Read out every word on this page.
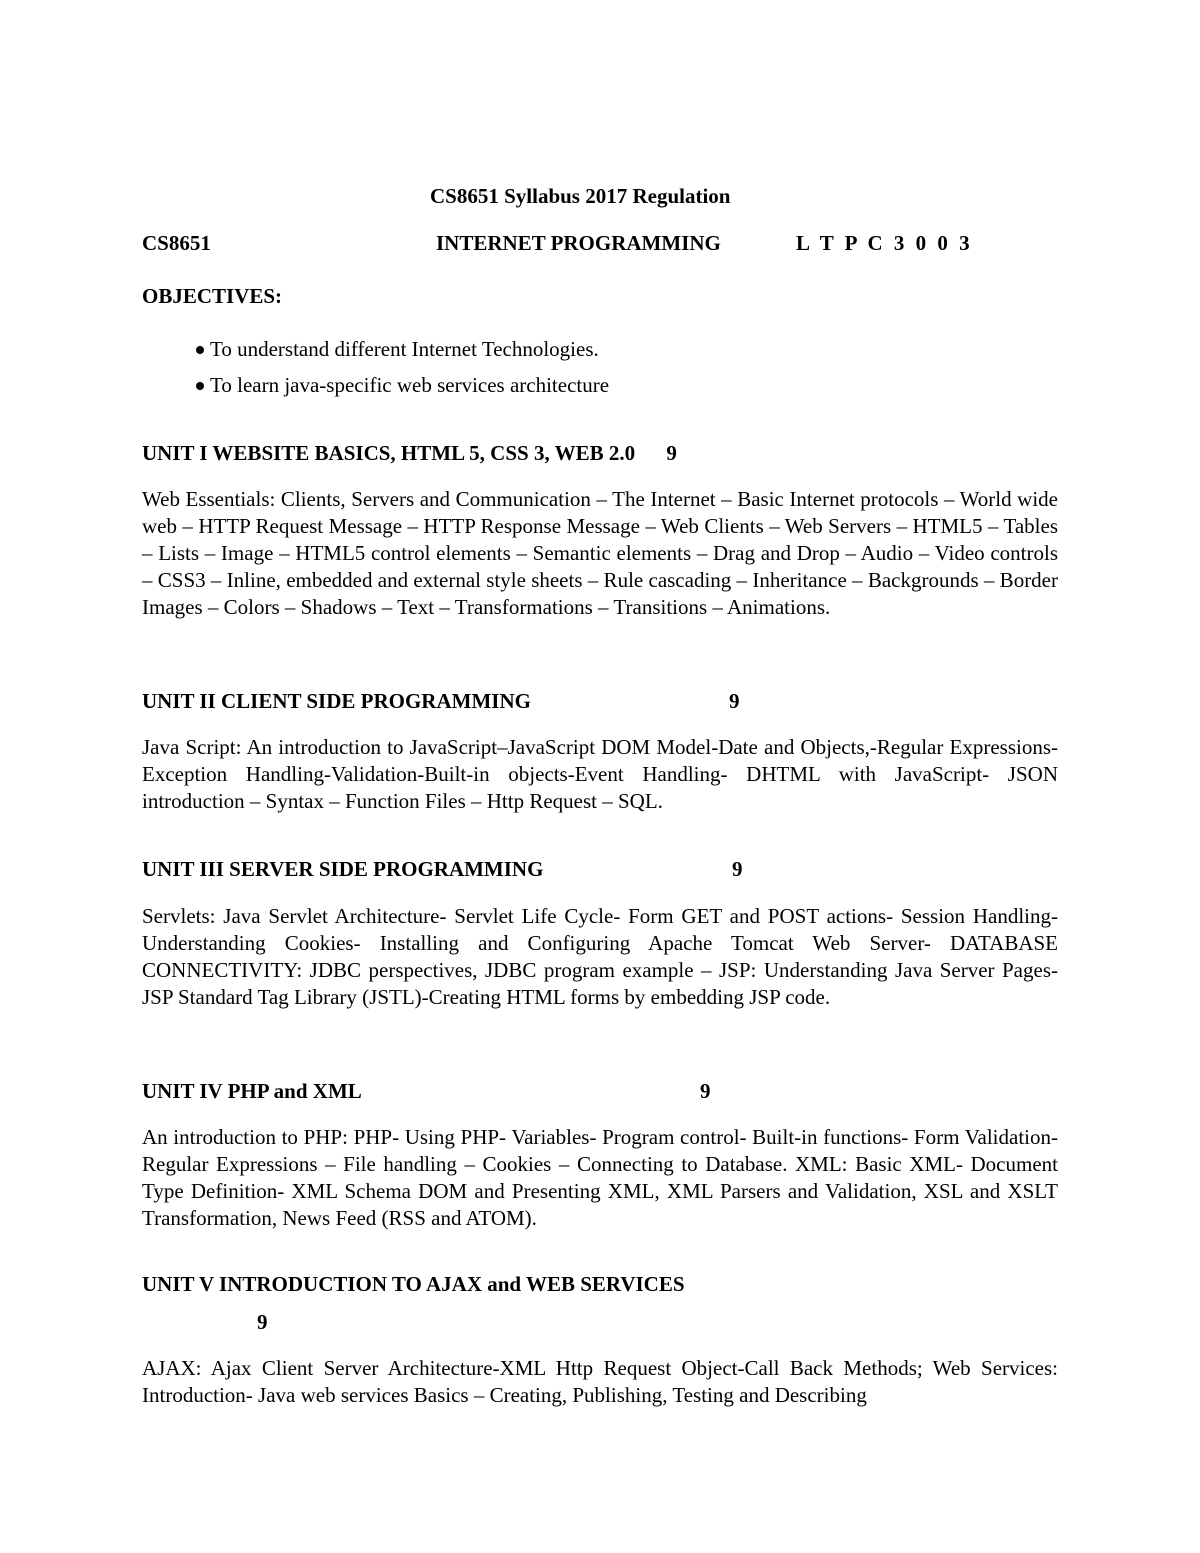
CS8651 Syllabus 2017 Regulation
CS8651	INTERNET PROGRAMMING	L T P C 3 0 0 3
OBJECTIVES:
To understand different Internet Technologies.
To learn java-specific web services architecture
UNIT I WEBSITE BASICS, HTML 5, CSS 3, WEB 2.0 9

Web Essentials: Clients, Servers and Communication – The Internet – Basic Internet protocols – World wide web – HTTP Request Message – HTTP Response Message – Web Clients – Web Servers – HTML5 – Tables – Lists – Image – HTML5 control elements – Semantic elements – Drag and Drop – Audio – Video controls – CSS3 – Inline, embedded and external style sheets – Rule cascading – Inheritance – Backgrounds – Border Images – Colors – Shadows – Text – Transformations – Transitions – Animations.

UNIT II CLIENT SIDE PROGRAMMING	9

Java Script: An introduction to JavaScript–JavaScript DOM Model-Date and Objects,-Regular Expressions- Exception Handling-Validation-Built-in objects-Event Handling- DHTML with JavaScript- JSON introduction – Syntax – Function Files – Http Request – SQL.

UNIT III SERVER SIDE PROGRAMMING	9

Servlets: Java Servlet Architecture- Servlet Life Cycle- Form GET and POST actions- Session Handling- Understanding Cookies- Installing and Configuring Apache Tomcat Web Server- DATABASE CONNECTIVITY: JDBC perspectives, JDBC program example – JSP: Understanding Java Server Pages-JSP Standard Tag Library (JSTL)-Creating HTML forms by embedding JSP code.

UNIT IV PHP and XML	9

An introduction to PHP: PHP- Using PHP- Variables- Program control- Built-in functions- Form Validation- Regular Expressions – File handling – Cookies – Connecting to Database. XML: Basic XML- Document Type Definition- XML Schema DOM and Presenting XML, XML Parsers and Validation, XSL and XSLT Transformation, News Feed (RSS and ATOM).

UNIT V INTRODUCTION TO AJAX and WEB SERVICES
9

AJAX: Ajax Client Server Architecture-XML Http Request Object-Call Back Methods; Web Services: Introduction- Java web services Basics – Creating, Publishing, Testing and Describing
